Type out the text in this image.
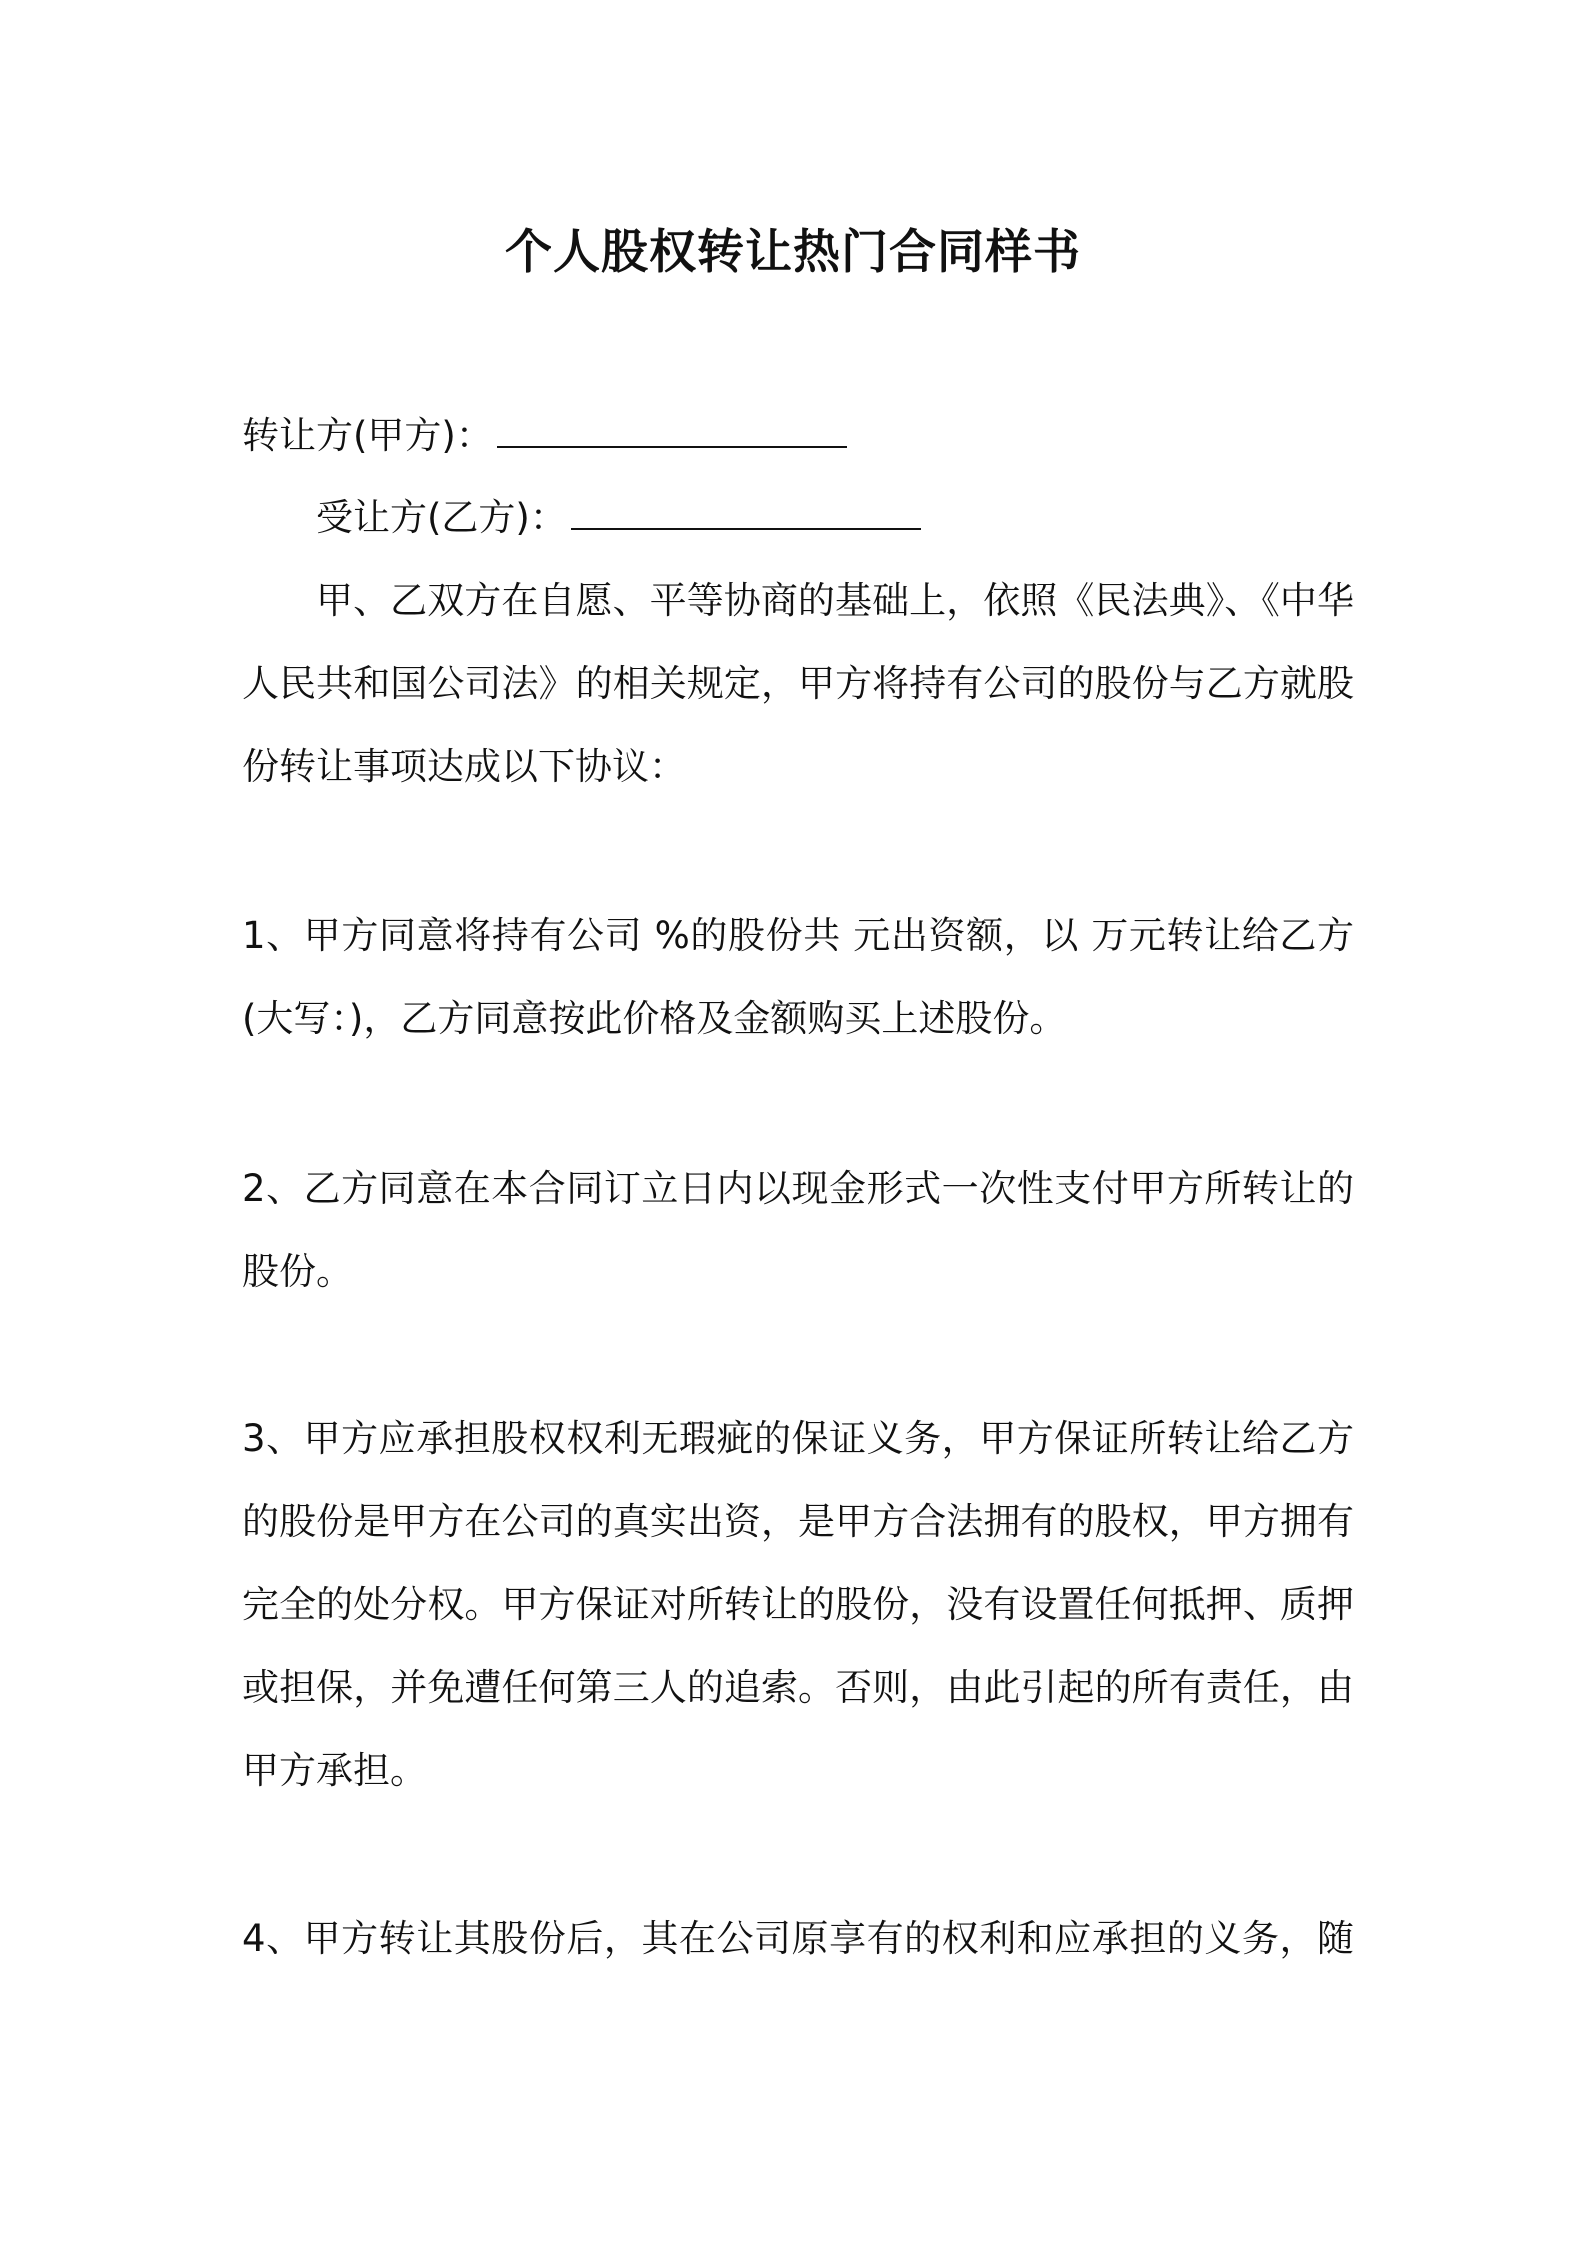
个人股权转让热门合同样书
转让方(甲方)：
受让方(乙方)：
甲、乙双方在自愿、平等协商的基础上，依照《民法典》、《中华
人民共和国公司法》的相关规定，甲方将持有公司的股份与乙方就股
份转让事项达成以下协议：
1、甲方同意将持有公司 %的股份共 元出资额，以 万元转让给乙方
(大写：)，乙方同意按此价格及金额购买上述股份。
2、乙方同意在本合同订立日内以现金形式一次性支付甲方所转让的
股份。
3、甲方应承担股权权利无瑕疵的保证义务，甲方保证所转让给乙方
的股份是甲方在公司的真实出资，是甲方合法拥有的股权，甲方拥有
完全的处分权。甲方保证对所转让的股份，没有设置任何抵押、质押
或担保，并免遭任何第三人的追索。否则，由此引起的所有责任，由
甲方承担。
4、甲方转让其股份后，其在公司原享有的权利和应承担的义务，随
